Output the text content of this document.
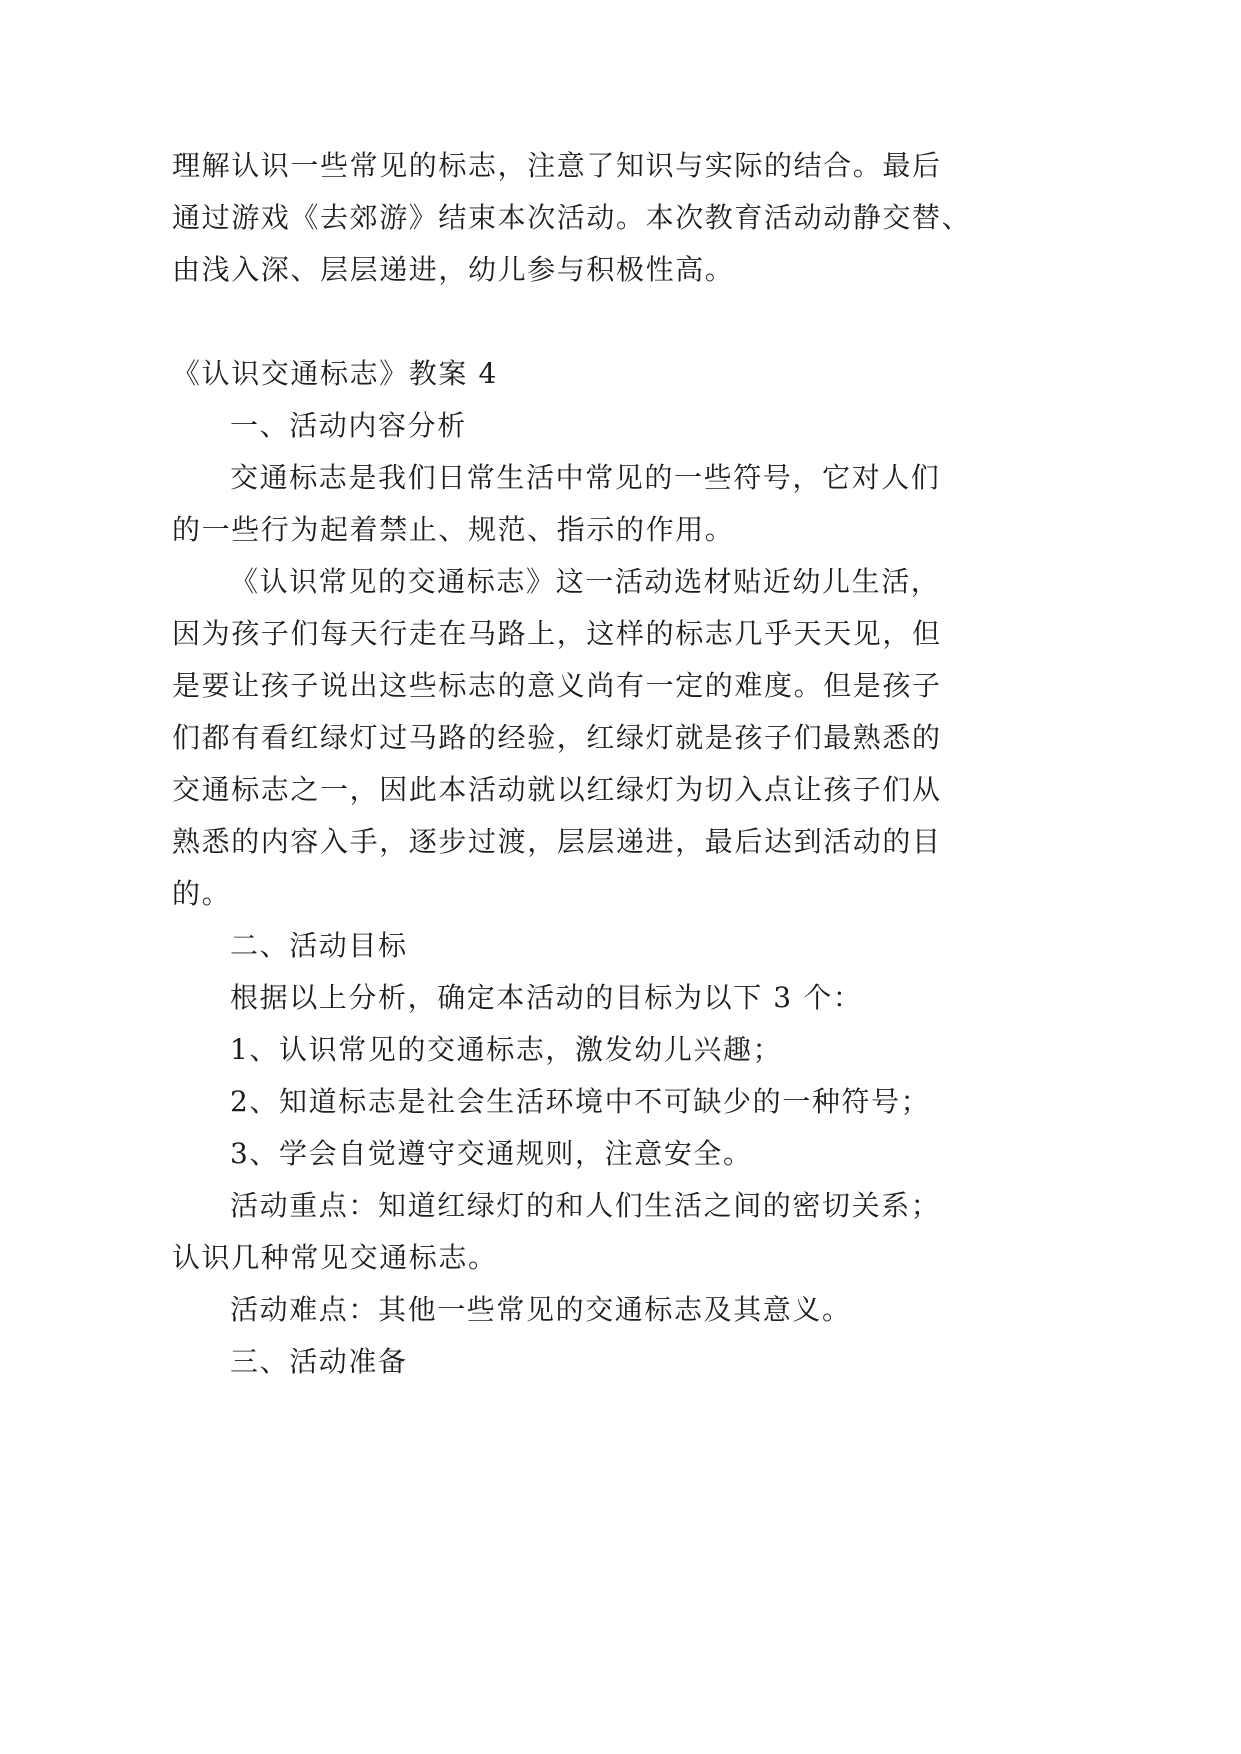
理解认识一些常见的标志，注意了知识与实际的结合。最后
通过游戏《去郊游》结束本次活动。本次教育活动动静交替、
由浅入深、层层递进，幼儿参与积极性高。
《认识交通标志》教案 4
一、活动内容分析
交通标志是我们日常生活中常见的一些符号，它对人们
的一些行为起着禁止、规范、指示的作用。
《认识常见的交通标志》这一活动选材贴近幼儿生活，
因为孩子们每天行走在马路上，这样的标志几乎天天见，但
是要让孩子说出这些标志的意义尚有一定的难度。但是孩子
们都有看红绿灯过马路的经验，红绿灯就是孩子们最熟悉的
交通标志之一，因此本活动就以红绿灯为切入点让孩子们从
熟悉的内容入手，逐步过渡，层层递进，最后达到活动的目
的。
二、活动目标
根据以上分析，确定本活动的目标为以下 3 个：
1、认识常见的交通标志，激发幼儿兴趣；
2、知道标志是社会生活环境中不可缺少的一种符号；
3、学会自觉遵守交通规则，注意安全。
活动重点：知道红绿灯的和人们生活之间的密切关系；
认识几种常见交通标志。
活动难点：其他一些常见的交通标志及其意义。
三、活动准备
